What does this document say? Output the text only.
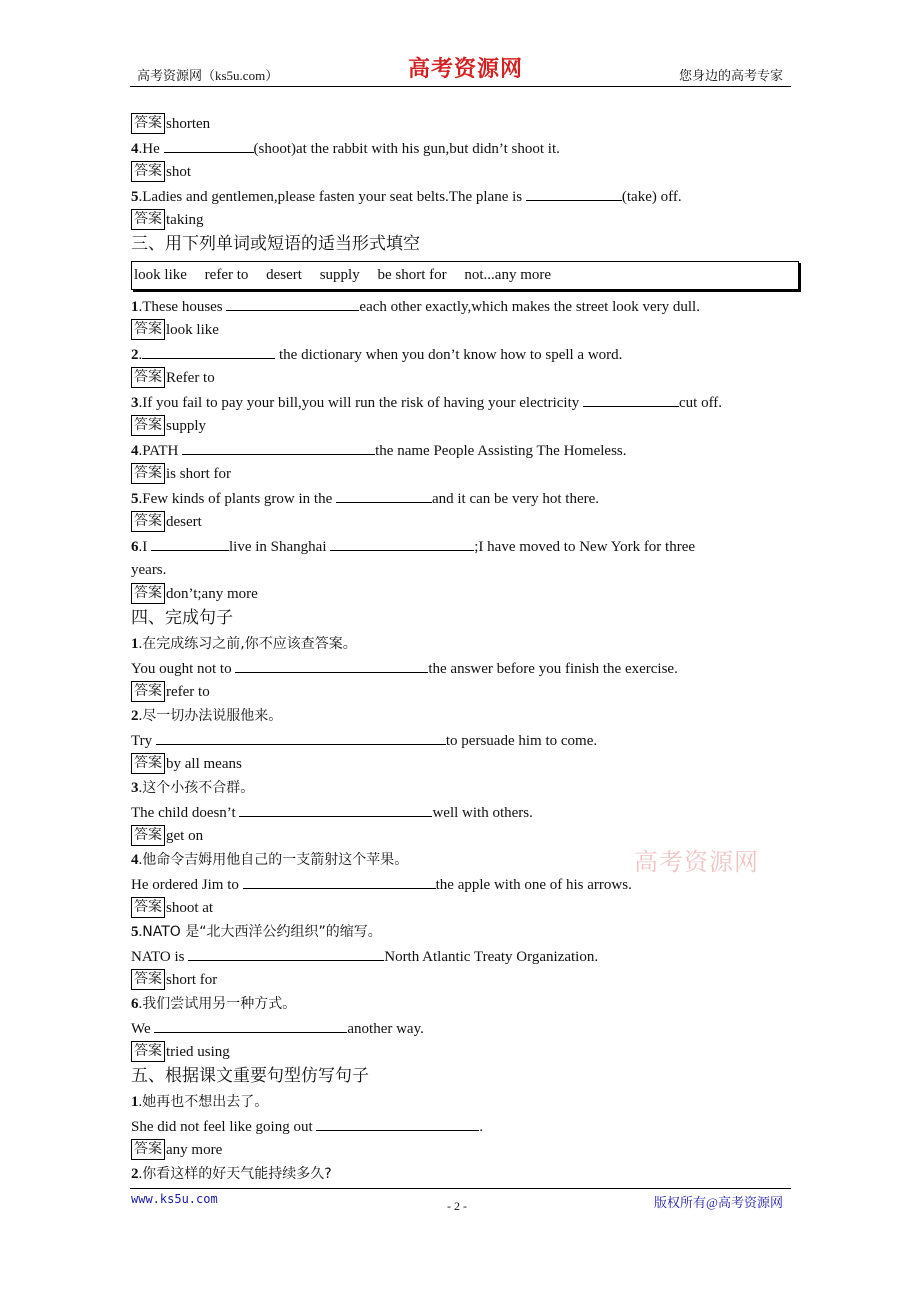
高考资源网（ks5u.com）	高考资源网	您身边的高考专家
答案 shorten
4.He	(shoot)at the rabbit with his gun,but didn’t shoot it.
答案 shot
5.Ladies and gentlemen,please fasten your seat belts.The plane is	(take) off.
答案 taking
三、用下列单词或短语的适当形式填空
look like refer to desert supply be short for not...any more
1.These houses	each other exactly,which makes the street look very dull.
答案 look like
2.	the dictionary when you don’t know how to spell a word.
答案 Refer to
3.If you fail to pay your bill,you will run the risk of having your electricity	cut off.
答案 supply
4.PATH	the name People Assisting The Homeless.
答案 is short for
5.Few kinds of plants grow in the	and it can be very hot there.
答案 desert
6.I	live in Shanghai	;I have moved to New York for three
years.
答案 don’t;any more
四、完成句子
1.在完成练习之前,你不应该查答案。
You ought not to	the answer before you finish the exercise.
答案 refer to
2.尽一切办法说服他来。
Try	to persuade him to come.
答案 by all means
3.这个小孩不合群。
The child doesn’t	well with others.
答案 get on
4.他命令吉姆用他自己的一支箭射这个苹果。
He ordered Jim to	the apple with one of his arrows.
答案 shoot at
5.NATO 是“北大西洋公约组织”的缩写。
NATO is	North Atlantic Treaty Organization.
答案 short for
6.我们尝试用另一种方式。
We	another way.
答案 tried using
五、根据课文重要句型仿写句子
1.她再也不想出去了。
She did not feel like going out	.
答案 any more
2.你看这样的好天气能持续多久?
高考资源网
www.ks5u.com	- 2 -	版权所有@高考资源网
